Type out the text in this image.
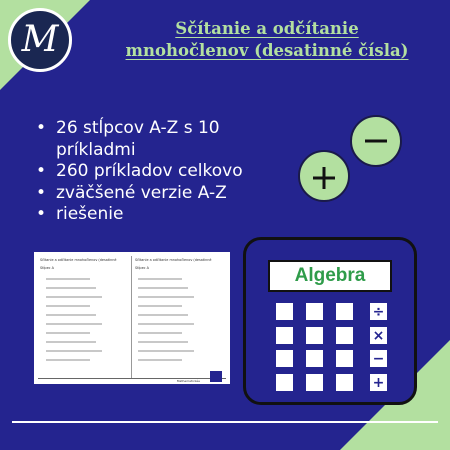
M	Sčítanie a odčítanie
mnohočlenov (desatinné čísla)
• 26 stĺpcov A-Z s 10 príkladmi
• 260 príkladov celkovo
• zväčšené verzie A-Z
• riešenie
Sčítanie a odčítanie mnohočlenov (desatinné	Sčítanie a odčítanie mnohočlenov (desatinné
Stĺpec A	Stĺpec A
Mathematickée
Algebra
÷
×
−
+
